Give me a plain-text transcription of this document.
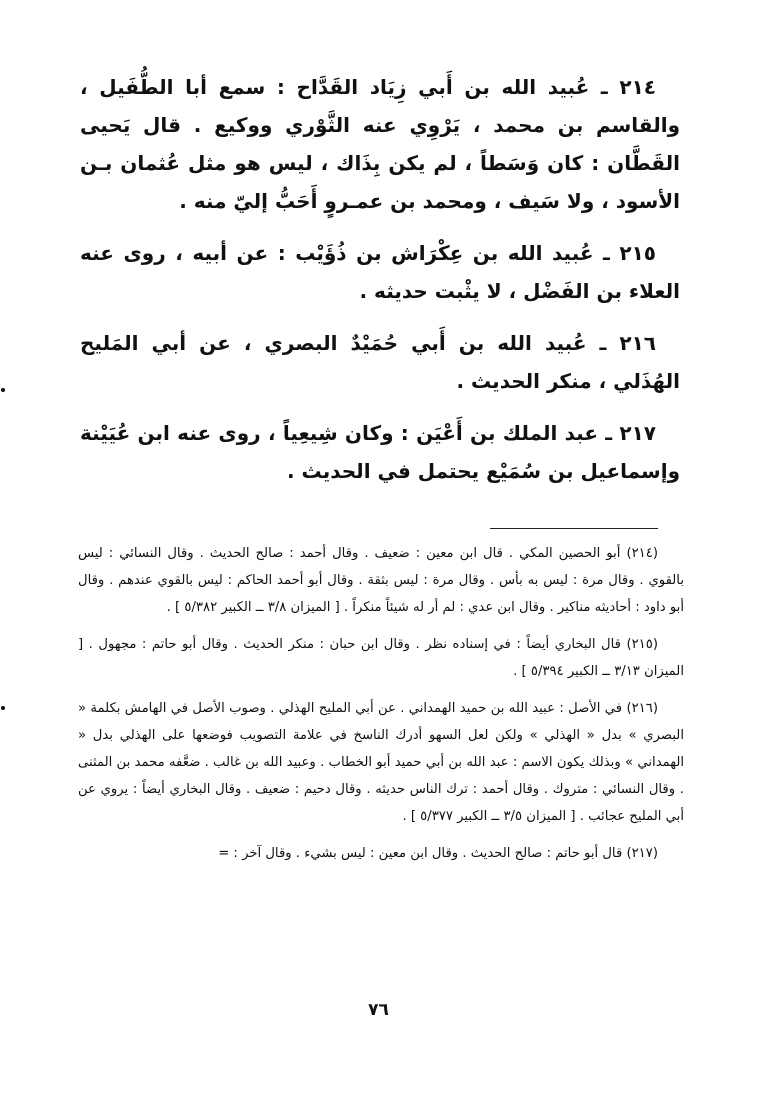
٢١٤ ـ عُبيد الله بن أَبي زِيَاد القَدَّاح : سمع أبا الطُّفَيل ، والقاسم بن محمد ، يَرْوِي عنه الثَّوْري ووكيع . قال يَحيى القَطَّان : كان وَسَطاً ، لم يكن بِذَاك ، ليس هو مثل عُثمان بـن الأسود ، ولا سَيف ، ومحمد بن عمـروٍ أَحَبُّ إليّ منه .

٢١٥ ـ عُبيد الله بن عِكْرَاش بن ذُؤَيْب : عن أبيه ، روى عنه العلاء بن الفَضْل ، لا يثْبت حديثه .

٢١٦ ـ عُبيد الله بن أَبي حُمَيْدٌ البصري ، عن أبي المَليح الهُذَلي ، منكر الحديث .

٢١٧ ـ عبد الملك بن أَعْيَن : وكان شِيعِياً ، روى عنه ابن عُيَيْنة وإسماعيل بن سُمَيْع يحتمل في الحديث .

(٢١٤) أبو الحصين المكي . قال ابن معين : ضعيف . وقال أحمد : صالح الحديث . وقال النسائي : ليس بالقوي . وقال مرة : ليس به بأس . وقال مرة : ليس بثقة . وقال أبو أحمد الحاكم : ليس بالقوي عندهم . وقال أبو داود : أحاديثه مناكير . وقال ابن عدي : لم أر له شيئاً منكراً . [ الميزان ٣/٨ ــ الكبير ٥/٣٨٢ ] .

(٢١٥) قال البخاري أيضاً : في إسناده نظر . وقال ابن حبان : منكر الحديث . وقال أبو حاتم : مجهول . [ الميزان ٣/١٣ ــ الكبير ٥/٣٩٤ ] .

(٢١٦) في الأصل : عبيد الله بن حميد الهمداني . عن أبي المليح الهذلي . وصوب الأصل في الهامش بكلمة « البصري » بدل « الهذلي » ولكن لعل السهو أدرك الناسخ في علامة التصويب فوضعها على الهذلي بدل « الهمداني » وبذلك يكون الاسم : عبد الله بن أبي حميد أبو الخطاب . وعبيد الله بن غالب . ضعَّفه محمد بن المثنى . وقال النسائي : متروك . وقال أحمد : ترك الناس حديثه . وقال دحيم : ضعيف . وقال البخاري أيضاً : يروي عن أبي المليح عجائب . [ الميزان ٣/٥ ــ الكبير ٥/٣٧٧ ] .

(٢١٧) قال أبو حاتم : صالح الحديث . وقال ابن معين : ليس بشيء . وقال آخر : =

٧٦
